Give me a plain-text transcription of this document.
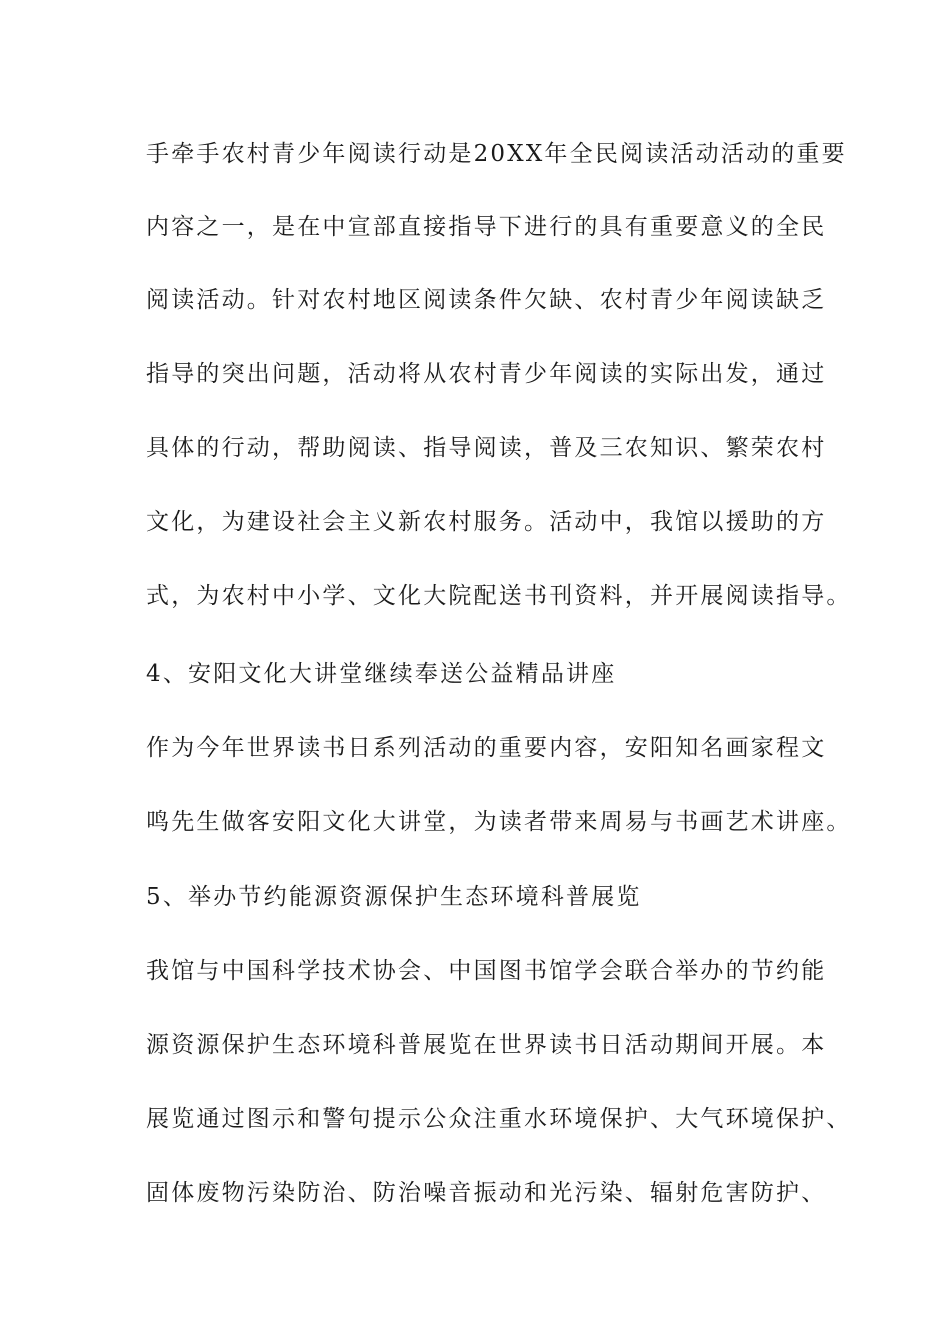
手牵手农村青少年阅读行动是20XX年全民阅读活动活动的重要
内容之一，是在中宣部直接指导下进行的具有重要意义的全民
阅读活动。针对农村地区阅读条件欠缺、农村青少年阅读缺乏
指导的突出问题，活动将从农村青少年阅读的实际出发，通过
具体的行动，帮助阅读、指导阅读，普及三农知识、繁荣农村
文化，为建设社会主义新农村服务。活动中，我馆以援助的方
式，为农村中小学、文化大院配送书刊资料，并开展阅读指导。
4、安阳文化大讲堂继续奉送公益精品讲座
作为今年世界读书日系列活动的重要内容，安阳知名画家程文
鸣先生做客安阳文化大讲堂，为读者带来周易与书画艺术讲座。
5、举办节约能源资源保护生态环境科普展览
我馆与中国科学技术协会、中国图书馆学会联合举办的节约能
源资源保护生态环境科普展览在世界读书日活动期间开展。本
展览通过图示和警句提示公众注重水环境保护、大气环境保护、
固体废物污染防治、防治噪音振动和光污染、辐射危害防护、
